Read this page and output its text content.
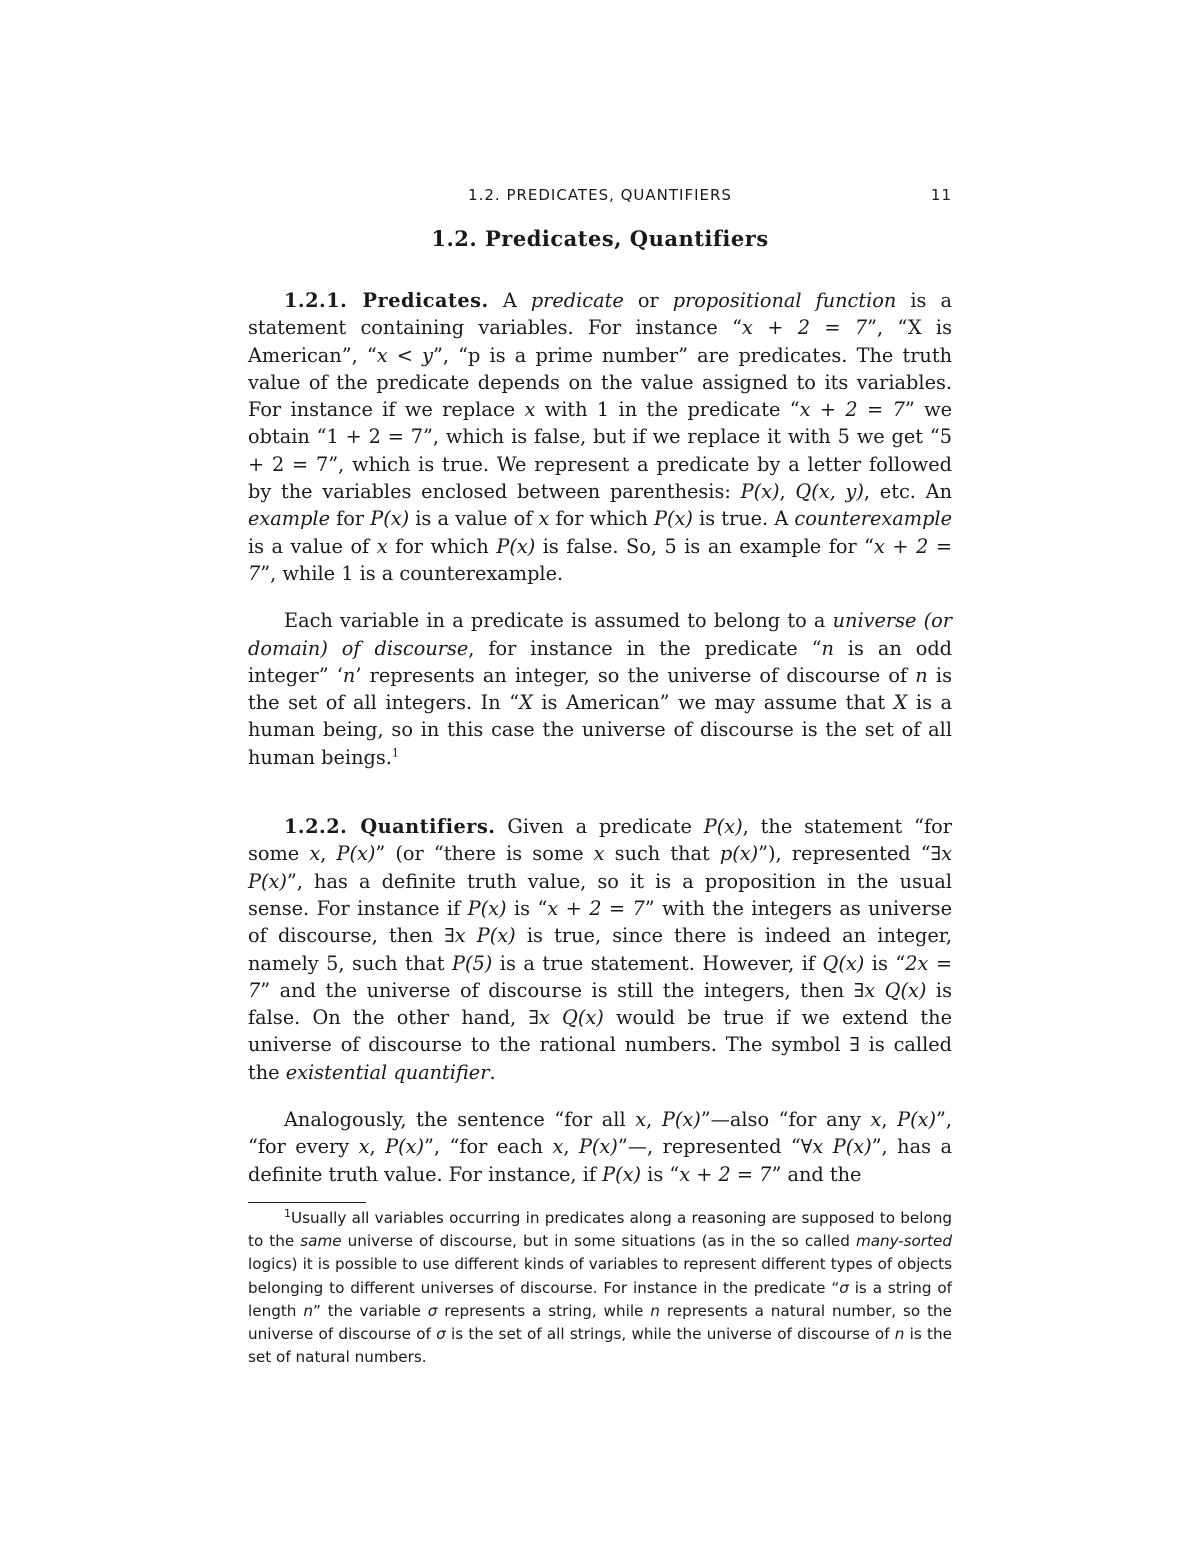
1.2. PREDICATES, QUANTIFIERS	11
1.2. Predicates, Quantifiers

1.2.1. Predicates. A predicate or propositional function is a statement containing variables. For instance “x + 2 = 7”, “X is American”, “x < y”, “p is a prime number” are predicates. The truth value of the predicate depends on the value assigned to its variables. For instance if we replace x with 1 in the predicate “x + 2 = 7” we obtain “1 + 2 = 7”, which is false, but if we replace it with 5 we get “5 + 2 = 7”, which is true. We represent a predicate by a letter followed by the variables enclosed between parenthesis: P(x), Q(x, y), etc. An example for P(x) is a value of x for which P(x) is true. A counterexample is a value of x for which P(x) is false. So, 5 is an example for “x + 2 = 7”, while 1 is a counterexample.

Each variable in a predicate is assumed to belong to a universe (or domain) of discourse, for instance in the predicate “n is an odd integer” ‘n’ represents an integer, so the universe of discourse of n is the set of all integers. In “X is American” we may assume that X is a human being, so in this case the universe of discourse is the set of all human beings.$^1$

1.2.2. Quantifiers. Given a predicate P(x), the statement “for some x, P(x)” (or “there is some x such that p(x)”), represented “∃x P(x)”, has a definite truth value, so it is a proposition in the usual sense. For instance if P(x) is “x + 2 = 7” with the integers as universe of discourse, then ∃x P(x) is true, since there is indeed an integer, namely 5, such that P(5) is a true statement. However, if Q(x) is “2x = 7” and the universe of discourse is still the integers, then ∃x Q(x) is false. On the other hand, ∃x Q(x) would be true if we extend the universe of discourse to the rational numbers. The symbol ∃ is called the existential quantifier.

Analogously, the sentence “for all x, P(x)”—also “for any x, P(x)”, “for every x, P(x)”, “for each x, P(x)”—, represented “∀x P(x)”, has a definite truth value. For instance, if P(x) is “x + 2 = 7” and the

$^1$Usually all variables occurring in predicates along a reasoning are supposed to belong to the same universe of discourse, but in some situations (as in the so called many-sorted logics) it is possible to use different kinds of variables to represent different types of objects belonging to different universes of discourse. For instance in the predicate “σ is a string of length n” the variable σ represents a string, while n represents a natural number, so the universe of discourse of σ is the set of all strings, while the universe of discourse of n is the set of natural numbers.
